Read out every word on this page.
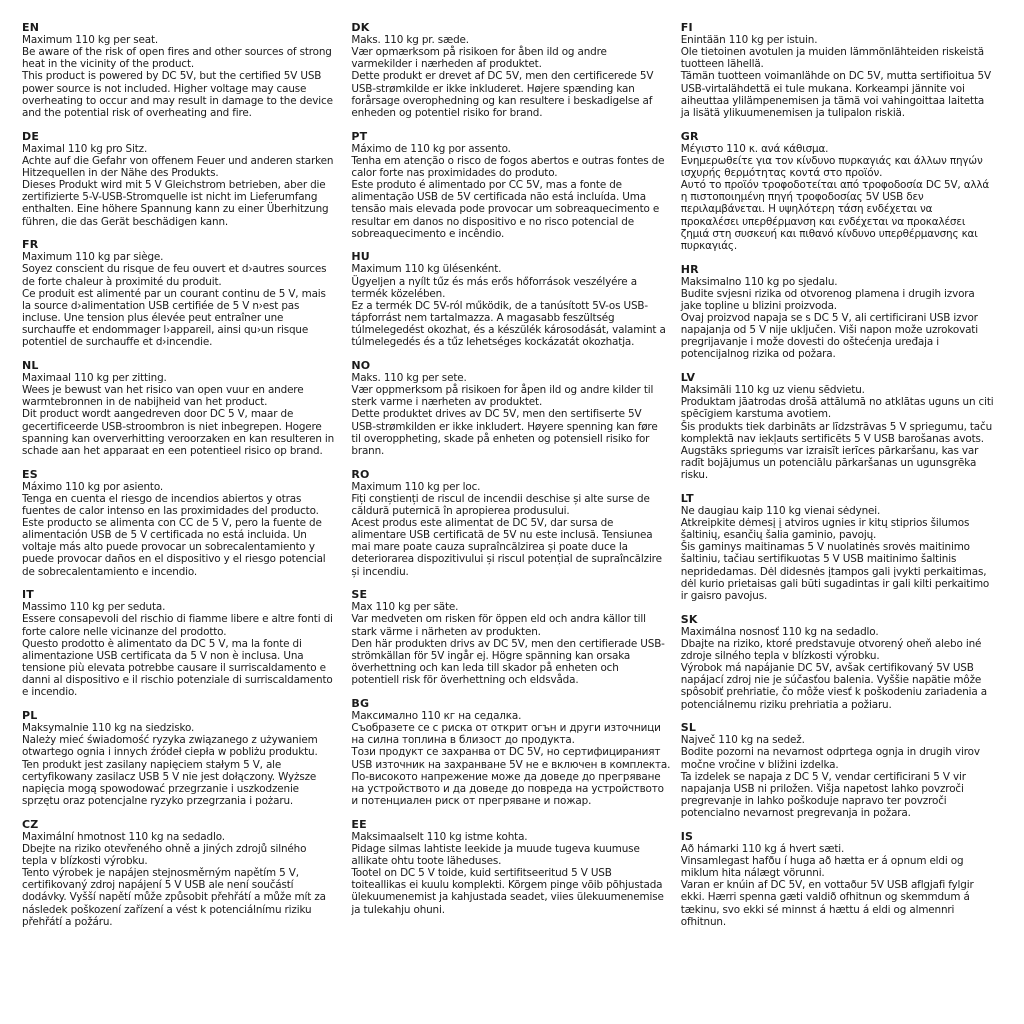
EN
Maximum 110 kg per seat.
Be aware of the risk of open fires and other sources of strong
heat in the vicinity of the product.
This product is powered by DC 5V, but the certified 5V USB
power source is not included. Higher voltage may cause
overheating to occur and may result in damage to the device
and the potential risk of overheating and fire.
DE
Maximal 110 kg pro Sitz.
Achte auf die Gefahr von offenem Feuer und anderen starken
Hitzequellen in der Nähe des Produkts.
Dieses Produkt wird mit 5 V Gleichstrom betrieben, aber die
zertifizierte 5-V-USB-Stromquelle ist nicht im Lieferumfang
enthalten. Eine höhere Spannung kann zu einer Überhitzung
führen, die das Gerät beschädigen kann.
FR
Maximum 110 kg par siège.
Soyez conscient du risque de feu ouvert et d›autres sources
de forte chaleur à proximité du produit.
Ce produit est alimenté par un courant continu de 5 V, mais
la source d›alimentation USB certifiée de 5 V n›est pas
incluse. Une tension plus élevée peut entraîner une
surchauffe et endommager l›appareil, ainsi qu›un risque
potentiel de surchauffe et d›incendie.
NL
Maximaal 110 kg per zitting.
Wees je bewust van het risico van open vuur en andere
warmtebronnen in de nabijheid van het product.
Dit product wordt aangedreven door DC 5 V, maar de
gecertificeerde USB-stroombron is niet inbegrepen. Hogere
spanning kan oververhitting veroorzaken en kan resulteren in
schade aan het apparaat en een potentieel risico op brand.
ES
Máximo 110 kg por asiento.
Tenga en cuenta el riesgo de incendios abiertos y otras
fuentes de calor intenso en las proximidades del producto.
Este producto se alimenta con CC de 5 V, pero la fuente de
alimentación USB de 5 V certificada no está incluida. Un
voltaje más alto puede provocar un sobrecalentamiento y
puede provocar daños en el dispositivo y el riesgo potencial
de sobrecalentamiento e incendio.
IT
Massimo 110 kg per seduta.
Essere consapevoli del rischio di fiamme libere e altre fonti di
forte calore nelle vicinanze del prodotto.
Questo prodotto è alimentato da DC 5 V, ma la fonte di
alimentazione USB certificata da 5 V non è inclusa. Una
tensione più elevata potrebbe causare il surriscaldamento e
danni al dispositivo e il rischio potenziale di surriscaldamento
e incendio.
PL
Maksymalnie 110 kg na siedzisko.
Należy mieć świadomość ryzyka związanego z używaniem
otwartego ognia i innych źródeł ciepła w pobliżu produktu.
Ten produkt jest zasilany napięciem stałym 5 V, ale
certyfikowany zasilacz USB 5 V nie jest dołączony. Wyższe
napięcia mogą spowodować przegrzanie i uszkodzenie
sprzętu oraz potencjalne ryzyko przegrzania i pożaru.
CZ
Maximální hmotnost 110 kg na sedadlo.
Dbejte na riziko otevřeného ohně a jiných zdrojů silného
tepla v blízkosti výrobku.
Tento výrobek je napájen stejnosměrným napětím 5 V,
certifikovaný zdroj napájení 5 V USB ale není součástí
dodávky. Vyšší napětí může způsobit přehřátí a může mít za
následek poškození zařízení a vést k potenciálnímu riziku
přehřátí a požáru.
DK
Maks. 110 kg pr. sæde.
Vær opmærksom på risikoen for åben ild og andre
varmekilder i nærheden af produktet.
Dette produkt er drevet af DC 5V, men den certificerede 5V
USB-strømkilde er ikke inkluderet. Højere spænding kan
forårsage overophedning og kan resultere i beskadigelse af
enheden og potentiel risiko for brand.
PT
Máximo de 110 kg por assento.
Tenha em atenção o risco de fogos abertos e outras fontes de
calor forte nas proximidades do produto.
Este produto é alimentado por CC 5V, mas a fonte de
alimentação USB de 5V certificada não está incluída. Uma
tensão mais elevada pode provocar um sobreaquecimento e
resultar em danos no dispositivo e no risco potencial de
sobreaquecimento e incêndio.
HU
Maximum 110 kg ülésenként.
Ügyeljen a nyílt tűz és más erős hőforrások veszélyére a
termék közelében.
Ez a termék DC 5V-ról működik, de a tanúsított 5V-os USB-
tápforrást nem tartalmazza. A magasabb feszültség
túlmelegedést okozhat, és a készülék károsodását, valamint a
túlmelegedés és a tűz lehetséges kockázatát okozhatja.
NO
Maks. 110 kg per sete.
Vær oppmerksom på risikoen for åpen ild og andre kilder til
sterk varme i nærheten av produktet.
Dette produktet drives av DC 5V, men den sertifiserte 5V
USB-strømkilden er ikke inkludert. Høyere spenning kan føre
til overoppheting, skade på enheten og potensiell risiko for
brann.
RO
Maximum 110 kg per loc.
Fiți conștienți de riscul de incendii deschise și alte surse de
căldură puternică în apropierea produsului.
Acest produs este alimentat de DC 5V, dar sursa de
alimentare USB certificată de 5V nu este inclusă. Tensiunea
mai mare poate cauza supraîncălzirea și poate duce la
deteriorarea dispozitivului și riscul potențial de supraîncălzire
și incendiu.
SE
Max 110 kg per säte.
Var medveten om risken för öppen eld och andra källor till
stark värme i närheten av produkten.
Den här produkten drivs av DC 5V, men den certifierade USB-
strömkällan för 5V ingår ej. Högre spänning kan orsaka
överhettning och kan leda till skador på enheten och
potentiell risk för överhettning och eldsvåda.
BG
Максимално 110 кг на седалка.
Съобразете се с риска от открит огън и други източници
на силна топлина в близост до продукта.
Този продукт се захранва от DC 5V, но сертифицираният
USB източник на захранване 5V не е включен в комплекта.
По-високото напрежение може да доведе до прегряване
на устройството и да доведе до повреда на устройството
и потенциален риск от прегряване и пожар.
EE
Maksimaalselt 110 kg istme kohta.
Pidage silmas lahtiste leekide ja muude tugeva kuumuse
allikate ohtu toote läheduses.
Tootel on DC 5 V toide, kuid sertifitseeritud 5 V USB
toiteallikas ei kuulu komplekti. Kõrgem pinge võib põhjustada
ülekuumenemist ja kahjustada seadet, viies ülekuumenemise
ja tulekahju ohuni.
FI
Enintään 110 kg per istuin.
Ole tietoinen avotulen ja muiden lämmönlähteiden riskeistä
tuotteen lähellä.
Tämän tuotteen voimanlähde on DC 5V, mutta sertifioitua 5V
USB-virtalähdettä ei tule mukana. Korkeampi jännite voi
aiheuttaa ylilämpenemisen ja tämä voi vahingoittaa laitetta
ja lisätä ylikuumenemisen ja tulipalon riskiä.
GR
Μέγιστο 110 κ. ανά κάθισμα.
Ενημερωθείτε για τον κίνδυνο πυρκαγιάς και άλλων πηγών
ισχυρής θερμότητας κοντά στο προϊόν.
Αυτό το προϊόν τροφοδοτείται από τροφοδοσία DC 5V, αλλά
η πιστοποιημένη πηγή τροφοδοσίας 5V USB δεν
περιλαμβάνεται. Η υψηλότερη τάση ενδέχεται να
προκαλέσει υπερθέρμανση και ενδέχεται να προκαλέσει
ζημιά στη συσκευή και πιθανό κίνδυνο υπερθέρμανσης και
πυρκαγιάς.
HR
Maksimalno 110 kg po sjedalu.
Budite svjesni rizika od otvorenog plamena i drugih izvora
jake topline u blizini proizvoda.
Ovaj proizvod napaja se s DC 5 V, ali certificirani USB izvor
napajanja od 5 V nije uključen. Viši napon može uzrokovati
pregrijavanje i može dovesti do oštećenja uređaja i
potencijalnog rizika od požara.
LV
Maksimāli 110 kg uz vienu sēdvietu.
Produktam jāatrodas drošā attālumā no atklātas uguns un citi
spēcīgiem karstuma avotiem.
Šis produkts tiek darbināts ar līdzstrāvas 5 V spriegumu, taču
komplektā nav iekļauts sertificēts 5 V USB barošanas avots.
Augstāks spriegums var izraisīt ierīces pārkaršanu, kas var
radīt bojājumus un potenciālu pārkaršanas un ugunsgrēka
risku.
LT
Ne daugiau kaip 110 kg vienai sėdynei.
Atkreipkite dėmesį į atviros ugnies ir kitų stiprios šilumos
šaltinių, esančių šalia gaminio, pavojų.
Šis gaminys maitinamas 5 V nuolatinės srovės maitinimo
šaltiniu, tačiau sertifikuotas 5 V USB maitinimo šaltinis
nepridedamas. Dėl didesnės įtampos gali įvykti perkaitimas,
dėl kurio prietaisas gali būti sugadintas ir gali kilti perkaitimo
ir gaisro pavojus.
SK
Maximálna nosnosť 110 kg na sedadlo.
Dbajte na riziko, ktoré predstavuje otvorený oheň alebo iné
zdroje silného tepla v blízkosti výrobku.
Výrobok má napájanie DC 5V, avšak certifikovaný 5V USB
napájací zdroj nie je súčasťou balenia. Vyššie napätie môže
spôsobiť prehriatie, čo môže viesť k poškodeniu zariadenia a
potenciálnemu riziku prehriatia a požiaru.
SL
Največ 110 kg na sedež.
Bodite pozorni na nevarnost odprtega ognja in drugih virov
močne vročine v bližini izdelka.
Ta izdelek se napaja z DC 5 V, vendar certificirani 5 V vir
napajanja USB ni priložen. Višja napetost lahko povzroči
pregrevanje in lahko poškoduje napravo ter povzroči
potencialno nevarnost pregrevanja in požara.
IS
Að hámarki 110 kg á hvert sæti.
Vinsamlegast hafðu í huga að hætta er á opnum eldi og
miklum hita nálægt vörunni.
Varan er knúin af DC 5V, en vottaður 5V USB aflgjafi fylgir
ekki. Hærri spenna gæti valdið ofhitnun og skemmdum á
tækinu, svo ekki sé minnst á hættu á eldi og almennri
ofhitnun.
